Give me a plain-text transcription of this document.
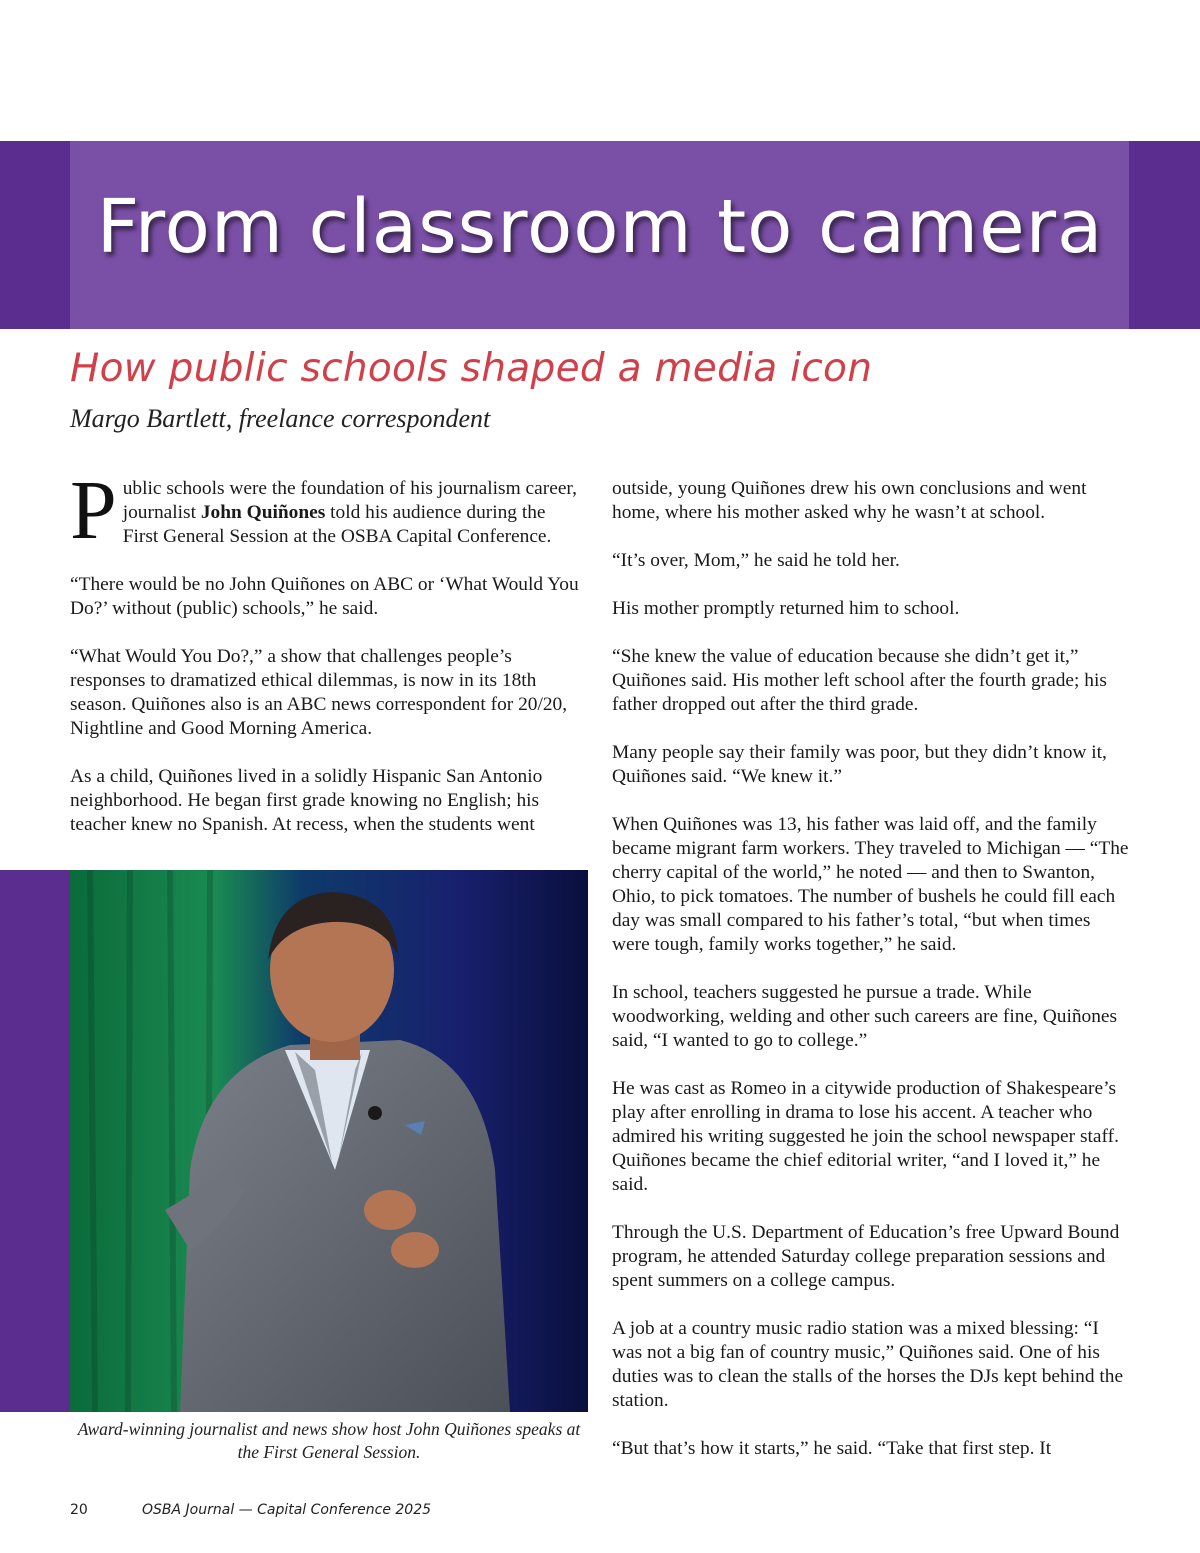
From classroom to camera
How public schools shaped a media icon
Margo Bartlett, freelance correspondent

Public schools were the foundation of his journalism career, journalist John Quiñones told his audience during the First General Session at the OSBA Capital Conference.

“There would be no John Quiñones on ABC or ‘What Would You Do?’ without (public) schools,” he said.

“What Would You Do?,” a show that challenges people’s responses to dramatized ethical dilemmas, is now in its 18th season. Quiñones also is an ABC news correspondent for 20/20, Nightline and Good Morning America.

As a child, Quiñones lived in a solidly Hispanic San Antonio neighborhood. He began first grade knowing no English; his teacher knew no Spanish. At recess, when the students went

Award-winning journalist and news show host John Quiñones speaks at the First General Session.

outside, young Quiñones drew his own conclusions and went home, where his mother asked why he wasn’t at school.

“It’s over, Mom,” he said he told her.

His mother promptly returned him to school.

“She knew the value of education because she didn’t get it,” Quiñones said. His mother left school after the fourth grade; his father dropped out after the third grade.

Many people say their family was poor, but they didn’t know it, Quiñones said. “We knew it.”

When Quiñones was 13, his father was laid off, and the family became migrant farm workers. They traveled to Michigan — “The cherry capital of the world,” he noted — and then to Swanton, Ohio, to pick tomatoes. The number of bushels he could fill each day was small compared to his father’s total, “but when times were tough, family works together,” he said.

In school, teachers suggested he pursue a trade. While woodworking, welding and other such careers are fine, Quiñones said, “I wanted to go to college.”

He was cast as Romeo in a citywide production of Shakespeare’s play after enrolling in drama to lose his accent. A teacher who admired his writing suggested he join the school newspaper staff. Quiñones became the chief editorial writer, “and I loved it,” he said.

Through the U.S. Department of Education’s free Upward Bound program, he attended Saturday college preparation sessions and spent summers on a college campus.

A job at a country music radio station was a mixed blessing: “I was not a big fan of country music,” Quiñones said. One of his duties was to clean the stalls of the horses the DJs kept behind the station.

“But that’s how it starts,” he said. “Take that first step. It

20	OSBA Journal — Capital Conference 2025
